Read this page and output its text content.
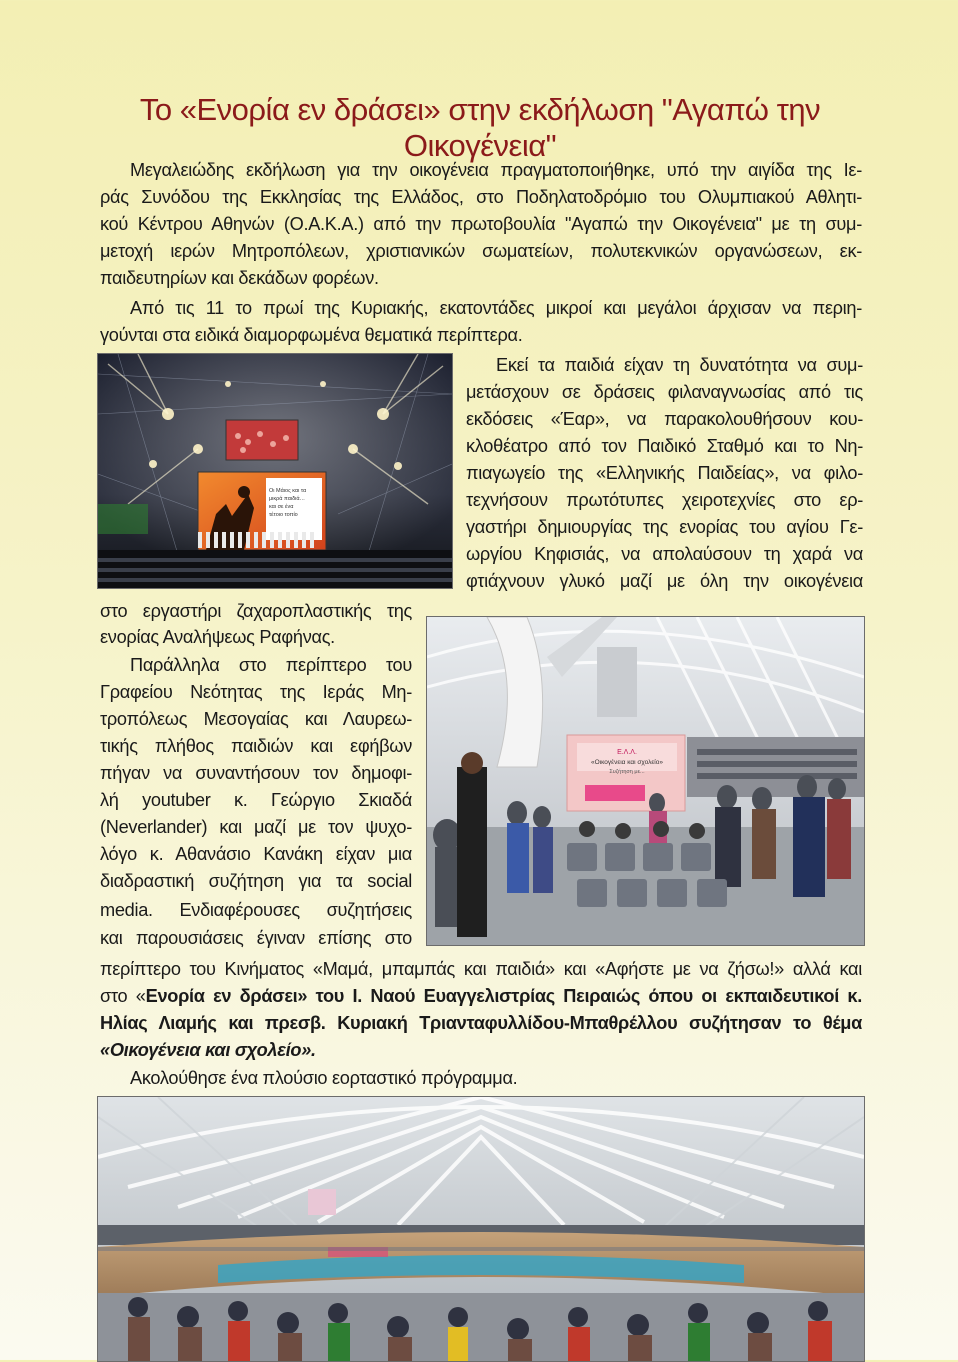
Το «Ενορία εν δράσει» στην εκδήλωση "Αγαπώ την Οικογένεια"

Μεγαλειώδης εκδήλωση για την οικογένεια πραγματοποιήθηκε, υπό την αιγίδα της Ιε-

ράς Συνόδου της Εκκλησίας της Ελλάδος, στο Ποδηλατοδρόμιο του Ολυμπιακού Αθλητι-

κού Κέντρου Αθηνών (Ο.Α.Κ.Α.) από την πρωτοβουλία "Αγαπώ την Οικογένεια" με τη συμ-

μετοχή ιερών Μητροπόλεων, χριστιανικών σωματείων, πολυτεκνικών οργανώσεων, εκ-

παιδευτηρίων και δεκάδων φορέων.

Από τις 11 το πρωί της Κυριακής, εκατοντάδες μικροί και μεγάλοι άρχισαν να περιη-

γούνται στα ειδικά διαμορφωμένα θεματικά περίπτερα.

Οι Μάιος και τα
μικρά παιδιά…
και σε ένα
τέτοιο τοπίο

Εκεί τα παιδιά είχαν τη δυνατότητα να συμ-

μετάσχουν σε δράσεις φιλαναγνωσίας από τις

εκδόσεις «Έαρ», να παρακολουθήσουν κου-

κλοθέατρο από τον Παιδικό Σταθμό και το Νη-

πιαγωγείο της «Ελληνικής Παιδείας», να φιλο-

τεχνήσουν πρωτότυπες χειροτεχνίες στο ερ-

γαστήρι δημιουργίας της ενορίας του αγίου Γε-

ωργίου Κηφισιάς, να απολαύσουν τη χαρά να

φτιάχνουν γλυκό μαζί με όλη την οικογένεια

στο εργαστήρι ζαχαροπλαστικής της

ενορίας Αναλήψεως Ραφήνας.

Παράλληλα στο περίπτερο του

Γραφείου Νεότητας της Ιεράς Μη-

τροπόλεως Μεσογαίας και Λαυρεω-

τικής πλήθος παιδιών και εφήβων

πήγαν να συναντήσουν τον δημοφι-

λή youtuber κ. Γεώργιο Σκιαδά

(Neverlander) και μαζί με τον ψυχο-

λόγο κ. Αθανάσιο Κανάκη είχαν μια

διαδραστική συζήτηση για τα social

media. Ενδιαφέρουσες συζητήσεις

και παρουσιάσεις έγιναν επίσης στο

Ε.Λ.Λ.
«Οικογένεια και σχολείο»
Συζήτηση με...

περίπτερο του Κινήματος «Μαμά, μπαμπάς και παιδιά» και «Αφήστε με να ζήσω!» αλλά και

στο «Ενορία εν δράσει» του Ι. Ναού Ευαγγελιστρίας Πειραιώς όπου οι εκπαιδευτικοί κ.

Ηλίας Λιαμής και πρεσβ. Κυριακή Τριανταφυλλίδου-Μπαθρέλλου συζήτησαν το θέμα

«Οικογένεια και σχολείο».

Ακολούθησε ένα πλούσιο εορταστικό πρόγραμμα.
